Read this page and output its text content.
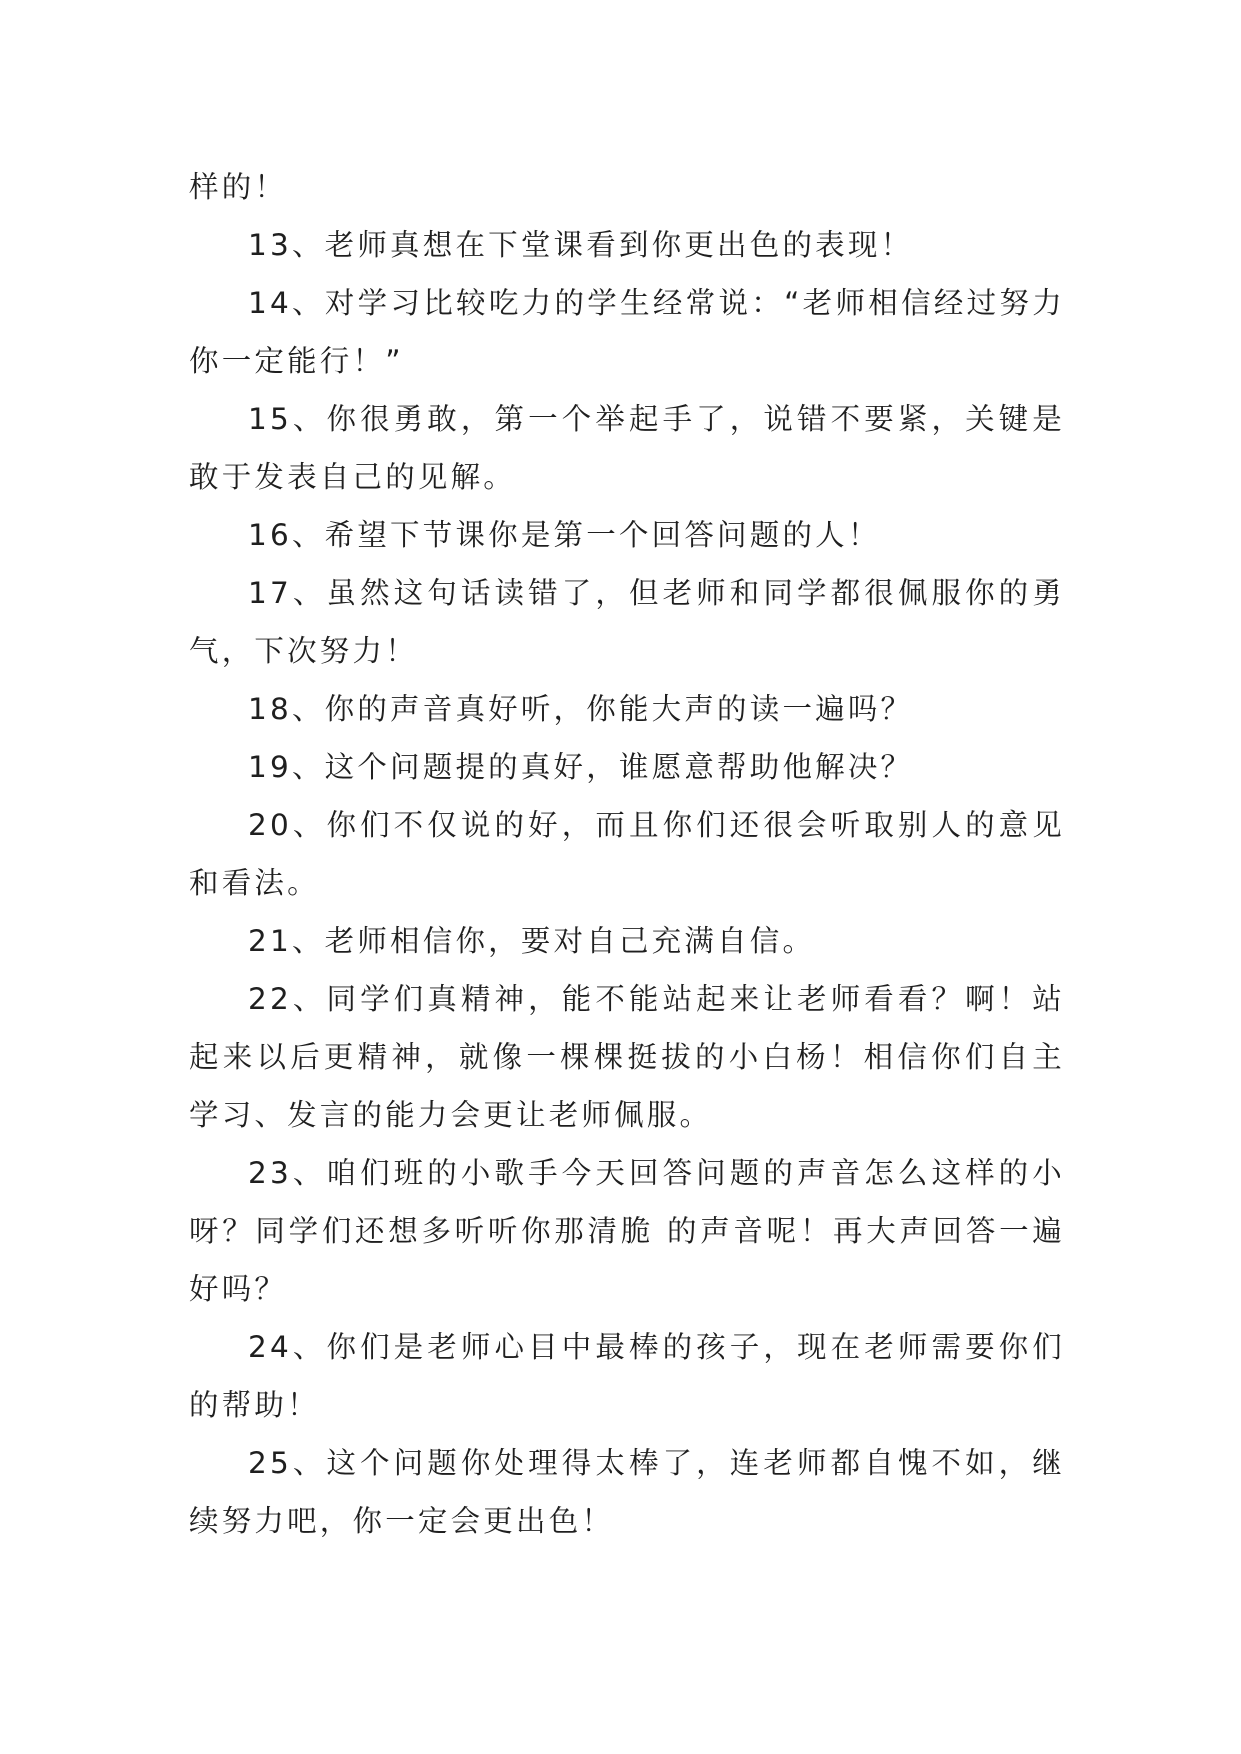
样的！

13、老师真想在下堂课看到你更出色的表现！

14、对学习比较吃力的学生经常说：“老师相信经过努力你一定能行！”

15、你很勇敢，第一个举起手了，说错不要紧，关键是敢于发表自己的见解。

16、希望下节课你是第一个回答问题的人！

17、虽然这句话读错了，但老师和同学都很佩服你的勇气，下次努力！

18、你的声音真好听，你能大声的读一遍吗？

19、这个问题提的真好，谁愿意帮助他解决？

20、你们不仅说的好，而且你们还很会听取别人的意见和看法。

21、老师相信你，要对自己充满自信。

22、同学们真精神，能不能站起来让老师看看？啊！站起来以后更精神，就像一棵棵挺拔的小白杨！相信你们自主学习、发言的能力会更让老师佩服。

23、咱们班的小歌手今天回答问题的声音怎么这样的小呀？同学们还想多听听你那清脆 的声音呢！再大声回答一遍好吗？

24、你们是老师心目中最棒的孩子，现在老师需要你们的帮助！

25、这个问题你处理得太棒了，连老师都自愧不如，继续努力吧，你一定会更出色！
